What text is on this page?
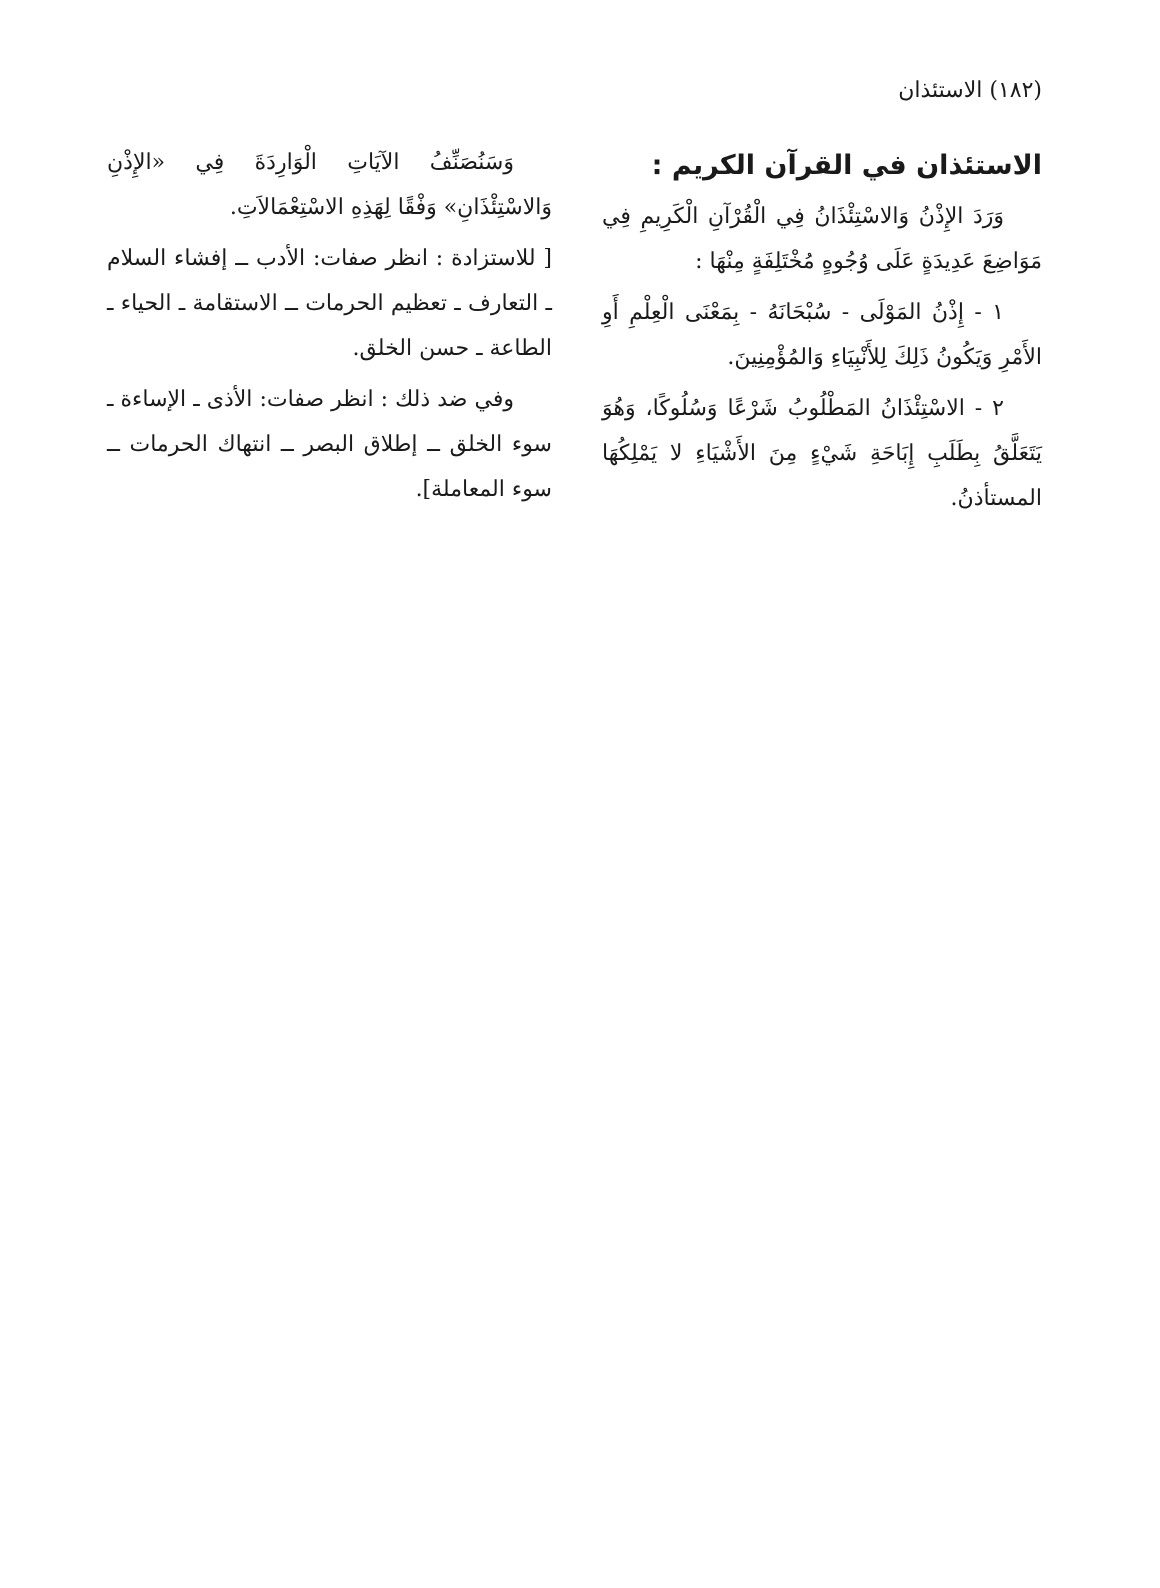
(١٨٢) الاستئذان
الاستئذان في القرآن الكريم :

وَرَدَ الإِذْنُ وَالاسْتِئْذَانُ فِي الْقُرْآنِ الْكَرِيمِ فِي مَوَاضِعَ عَدِيدَةٍ عَلَى وُجُوهٍ مُخْتَلِفَةٍ مِنْهَا :

١ - إِذْنُ المَوْلَى - سُبْحَانَهُ - بِمَعْنَى الْعِلْمِ أَوِ الأَمْرِ وَيَكُونُ ذَلِكَ لِلأَنْبِيَاءِ وَالمُؤْمِنِينَ.

٢ - الاسْتِئْذَانُ المَطْلُوبُ شَرْعًا وَسُلُوكًا، وَهُوَ يَتَعَلَّقُ بِطَلَبِ إِبَاحَةِ شَيْءٍ مِنَ الأَشْيَاءِ لا يَمْلِكُهَا المستأذنُ.

وَسَنُصَنِّفُ الآيَاتِ الْوَارِدَةَ فِي «الإِذْنِ وَالاسْتِئْذَانِ» وَفْقًا لِهَذِهِ الاسْتِعْمَالاَتِ.

[ للاستزادة : انظر صفات: الأدب ــ إفشاء السلام ـ التعارف ـ تعظيم الحرمات ــ الاستقامة ـ الحياء ـ الطاعة ـ حسن الخلق.

وفي ضد ذلك : انظر صفات: الأذى ـ الإساءة ـ سوء الخلق ــ إطلاق البصر ــ انتهاك الحرمات ــ سوء المعاملة].
